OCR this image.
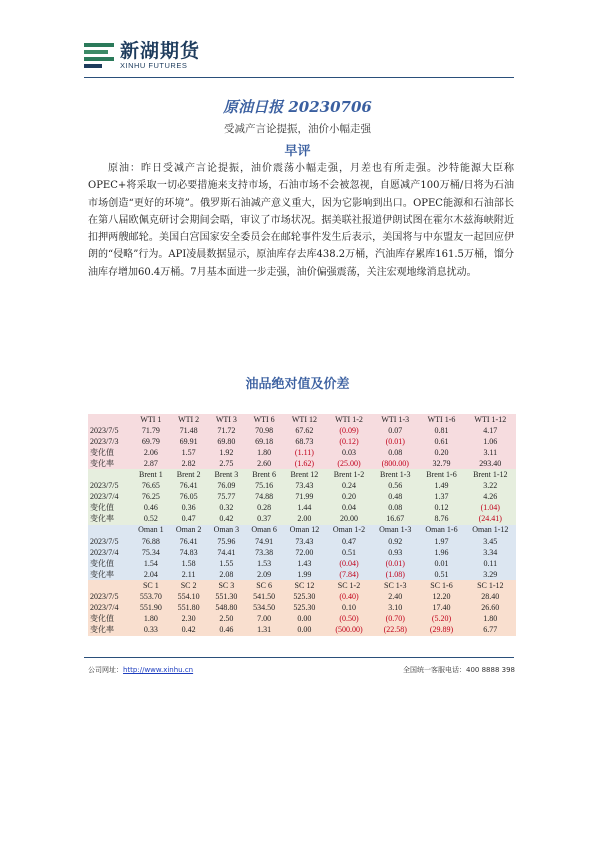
新湖期货
XINHU FUTURES
原油日报 20230706
受减产言论提振，油价小幅走强
早评

原油：昨日受减产言论提振，油价震荡小幅走强，月差也有所走强。沙特能源大臣称OPEC+将采取一切必要措施来支持市场，石油市场不会被忽视，自愿减产100万桶/日将为石油市场创造“更好的环境”。俄罗斯石油减产意义重大，因为它影响到出口。OPEC能源和石油部长在第八届欧佩克研讨会期间会晤，审议了市场状况。据美联社报道伊朗试图在霍尔木兹海峡附近扣押两艘邮轮。美国白宫国家安全委员会在邮轮事件发生后表示，美国将与中东盟友一起回应伊朗的“侵略”行为。API凌晨数据显示，原油库存去库438.2万桶，汽油库存累库161.5万桶，馏分油库存增加60.4万桶。7月基本面进一步走强，油价偏强震荡，关注宏观地缘消息扰动。

油品绝对值及价差
	WTI 1	WTI 2	WTI 3	WTI 6	WTI 12	WTI 1-2	WTI 1-3	WTI 1-6	WTI 1-12
2023/7/5	71.79	71.48	71.72	70.98	67.62	(0.09)	0.07	0.81	4.17
2023/7/3	69.79	69.91	69.80	69.18	68.73	(0.12)	(0.01)	0.61	1.06
变化值	2.06	1.57	1.92	1.80	(1.11)	0.03	0.08	0.20	3.11
变化率	2.87	2.82	2.75	2.60	(1.62)	(25.00)	(800.00)	32.79	293.40
	Brent 1	Brent 2	Brent 3	Brent 6	Brent 12	Brent 1-2	Brent 1-3	Brent 1-6	Brent 1-12
2023/7/5	76.65	76.41	76.09	75.16	73.43	0.24	0.56	1.49	3.22
2023/7/4	76.25	76.05	75.77	74.88	71.99	0.20	0.48	1.37	4.26
变化值	0.46	0.36	0.32	0.28	1.44	0.04	0.08	0.12	(1.04)
变化率	0.52	0.47	0.42	0.37	2.00	20.00	16.67	8.76	(24.41)
	Oman 1	Oman 2	Oman 3	Oman 6	Oman 12	Oman 1-2	Oman 1-3	Oman 1-6	Oman 1-12
2023/7/5	76.88	76.41	75.96	74.91	73.43	0.47	0.92	1.97	3.45
2023/7/4	75.34	74.83	74.41	73.38	72.00	0.51	0.93	1.96	3.34
变化值	1.54	1.58	1.55	1.53	1.43	(0.04)	(0.01)	0.01	0.11
变化率	2.04	2.11	2.08	2.09	1.99	(7.84)	(1.08)	0.51	3.29
	SC 1	SC 2	SC 3	SC 6	SC 12	SC 1-2	SC 1-3	SC 1-6	SC 1-12
2023/7/5	553.70	554.10	551.30	541.50	525.30	(0.40)	2.40	12.20	28.40
2023/7/4	551.90	551.80	548.80	534.50	525.30	0.10	3.10	17.40	26.60
变化值	1.80	2.30	2.50	7.00	0.00	(0.50)	(0.70)	(5.20)	1.80
变化率	0.33	0.42	0.46	1.31	0.00	(500.00)	(22.58)	(29.89)	6.77
公司网址：http://www.xinhu.cn	全国统一客服电话：400 8888 398
